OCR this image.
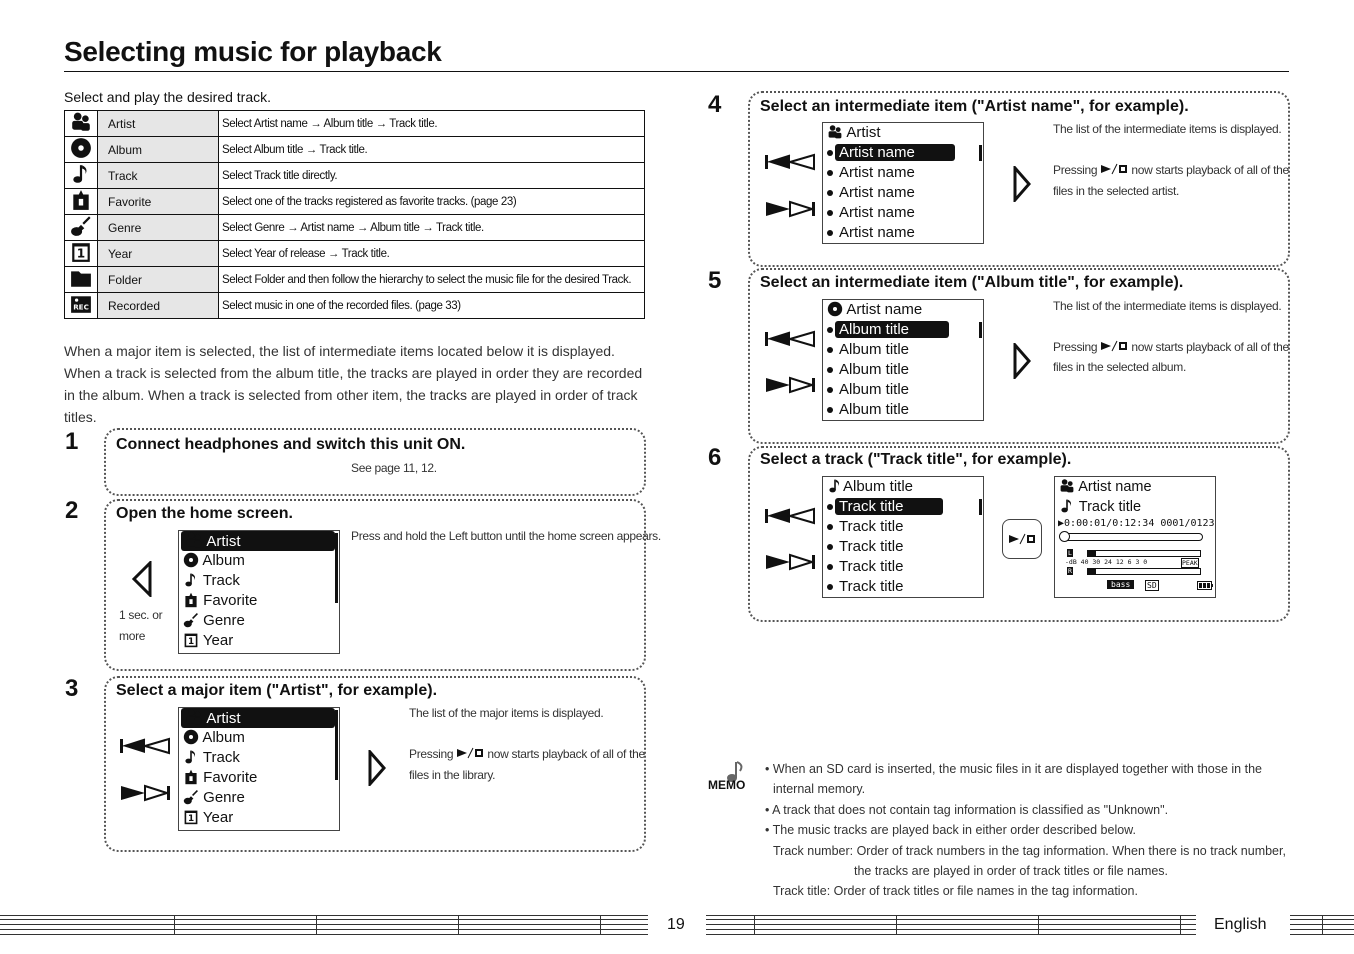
Selecting music for playback
Select and play the desired track.
	Artist	Select Artist name → Album title → Track title.
	Album	Select Album title → Track title.
	Track	Select Track title directly.
	Favorite	Select one of the tracks registered as favorite tracks. (page 23)
	Genre	Select Genre → Artist name → Album title → Track title.
	Year	Select Year of release → Track title.
	Folder	Select Folder and then follow the hierarchy to select the music file for the desired Track.
	Recorded	Select music in one of the recorded files. (page 33)
When a major item is selected, the list of intermediate items located below it is displayed. When a track is selected from the album title, the tracks are played in order they are recorded in the album. When a track is selected from other item, the tracks are played in order of track titles.
1 Connect headphones and switch this unit ON.
See page 11, 12.
2 Open the home screen.
1 sec. or
more
Artist
Album
Track
Favorite
Genre
Year
Press and hold the Left button until the home screen appears.
3 Select a major item ("Artist", for example).
Artist
Album
Track
Favorite
Genre
Year
The list of the major items is displayed.
Pressing	now starts playback of all of the
files in the library.
4 Select an intermediate item ("Artist name", for example).
Artist
Artist name
Artist name
Artist name
Artist name
Artist name
The list of the intermediate items is displayed.
Pressing	now starts playback of all of the
files in the selected artist.
5 Select an intermediate item ("Album title", for example).
Artist name
Album title
Album title
Album title
Album title
Album title
The list of the intermediate items is displayed.
Pressing	now starts playback of all of the
files in the selected album.
6 Select a track ("Track title", for example).
Album title
Track title
Track title
Track title
Track title
Track title
Artist name
Track title
▶0:00:01/0:12:34 0001/0123
L
-dB 40 30 24 12 6 3 0	PEAK
R
bass	SD
MEMO
• When an SD card is inserted, the music files in it are displayed together with those in the
internal memory.
• A track that does not contain tag information is classified as "Unknown".
• The music tracks are played back in either order described below.
Track number: Order of track numbers in the tag information. When there is no track number,
the tracks are played in order of track titles or file names.
Track title: Order of track titles or file names in the tag information.
19	English
